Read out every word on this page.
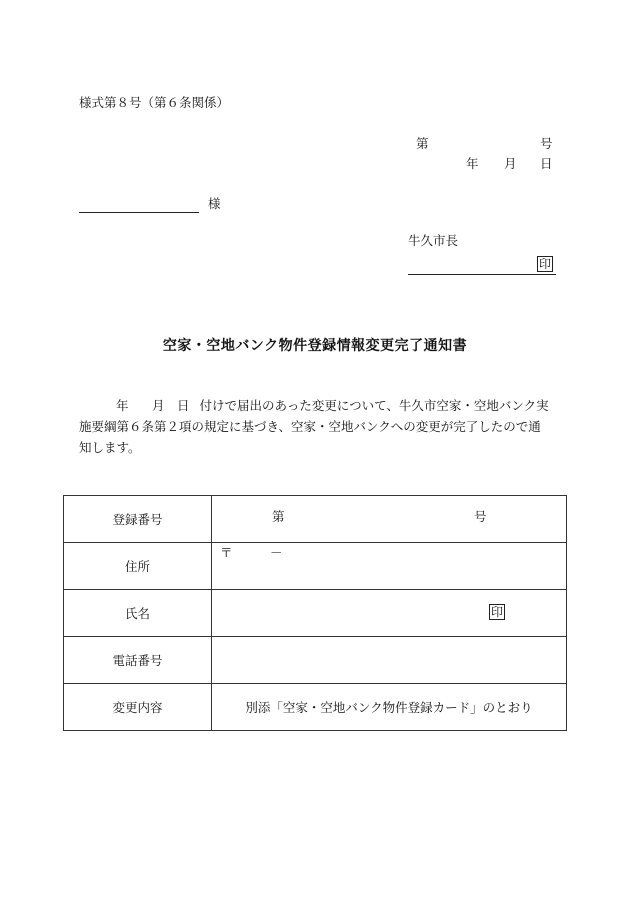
様式第８号（第６条関係）
第	号
年 月 日
様
牛久市長
印
空家・空地バンク物件登録情報変更完了通知書
年 月 日 付けで届出のあった変更について、牛久市空家・空地バンク実施要綱第６条第２項の規定に基づき、空家・空地バンクへの変更が完了したので通知します。
登録番号	第 号

住所	〒 －

氏名	印

電話番号	
変更内容	別添「空家・空地バンク物件登録カード」のとおり
